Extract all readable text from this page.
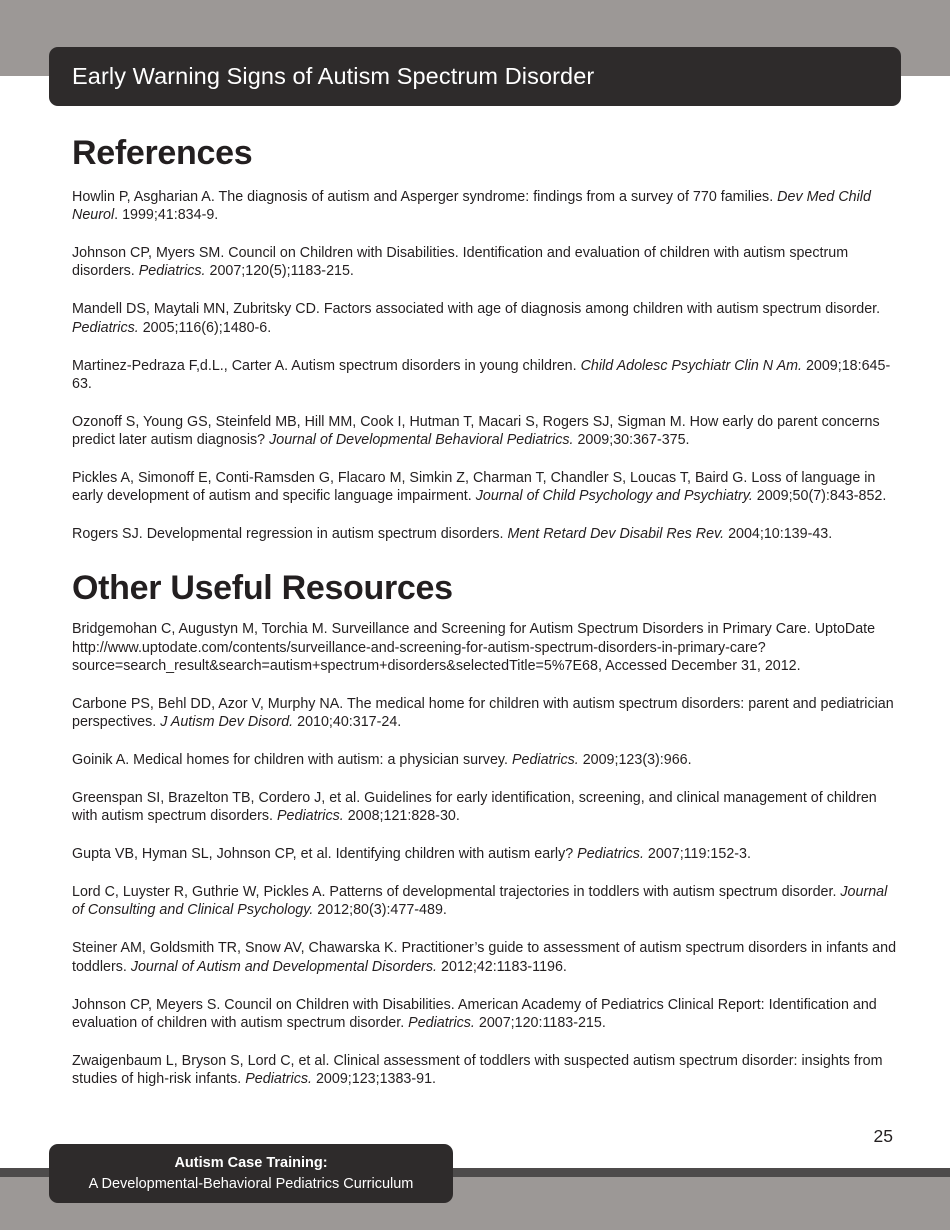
Early Warning Signs of Autism Spectrum Disorder
References

Howlin P, Asgharian A. The diagnosis of autism and Asperger syndrome: findings from a survey of 770 families. Dev Med Child Neurol. 1999;41:834-9.

Johnson CP, Myers SM. Council on Children with Disabilities. Identification and evaluation of children with autism spectrum disorders. Pediatrics. 2007;120(5);1183-215.

Mandell DS, Maytali MN, Zubritsky CD. Factors associated with age of diagnosis among children with autism spectrum disorder. Pediatrics. 2005;116(6);1480-6.

Martinez-Pedraza F,d.L., Carter A. Autism spectrum disorders in young children. Child Adolesc Psychiatr Clin N Am. 2009;18:645-63.

Ozonoff S, Young GS, Steinfeld MB, Hill MM, Cook I, Hutman T, Macari S, Rogers SJ, Sigman M. How early do parent concerns predict later autism diagnosis? Journal of Developmental Behavioral Pediatrics. 2009;30:367-375.

Pickles A, Simonoff E, Conti-Ramsden G, Flacaro M, Simkin Z, Charman T, Chandler S, Loucas T, Baird G. Loss of language in early development of autism and specific language impairment. Journal of Child Psychology and Psychiatry. 2009;50(7):843-852.

Rogers SJ. Developmental regression in autism spectrum disorders. Ment Retard Dev Disabil Res Rev. 2004;10:139-43.

Other Useful Resources

Bridgemohan C, Augustyn M, Torchia M. Surveillance and Screening for Autism Spectrum Disorders in Primary Care. UptoDate http://www.uptodate.com/contents/surveillance-and-screening-for-autism-spectrum-disorders-in-primary-care?source=search_result&search=autism+spectrum+disorders&selectedTitle=5%7E68, Accessed December 31, 2012.

Carbone PS, Behl DD, Azor V, Murphy NA. The medical home for children with autism spectrum disorders: parent and pediatrician perspectives. J Autism Dev Disord. 2010;40:317-24.

Goinik A. Medical homes for children with autism: a physician survey. Pediatrics. 2009;123(3):966.

Greenspan SI, Brazelton TB, Cordero J, et al. Guidelines for early identification, screening, and clinical management of children with autism spectrum disorders. Pediatrics. 2008;121:828-30.

Gupta VB, Hyman SL, Johnson CP, et al. Identifying children with autism early? Pediatrics. 2007;119:152-3.

Lord C, Luyster R, Guthrie W, Pickles A. Patterns of developmental trajectories in toddlers with autism spectrum disorder. Journal of Consulting and Clinical Psychology. 2012;80(3):477-489.

Steiner AM, Goldsmith TR, Snow AV, Chawarska K. Practitioner’s guide to assessment of autism spectrum disorders in infants and toddlers. Journal of Autism and Developmental Disorders. 2012;42:1183-1196.

Johnson CP, Meyers S. Council on Children with Disabilities. American Academy of Pediatrics Clinical Report: Identification and evaluation of children with autism spectrum disorder. Pediatrics. 2007;120:1183-215.

Zwaigenbaum L, Bryson S, Lord C, et al. Clinical assessment of toddlers with suspected autism spectrum disorder: insights from studies of high-risk infants. Pediatrics. 2009;123;1383-91.

25
Autism Case Training:
A Developmental-Behavioral Pediatrics Curriculum
